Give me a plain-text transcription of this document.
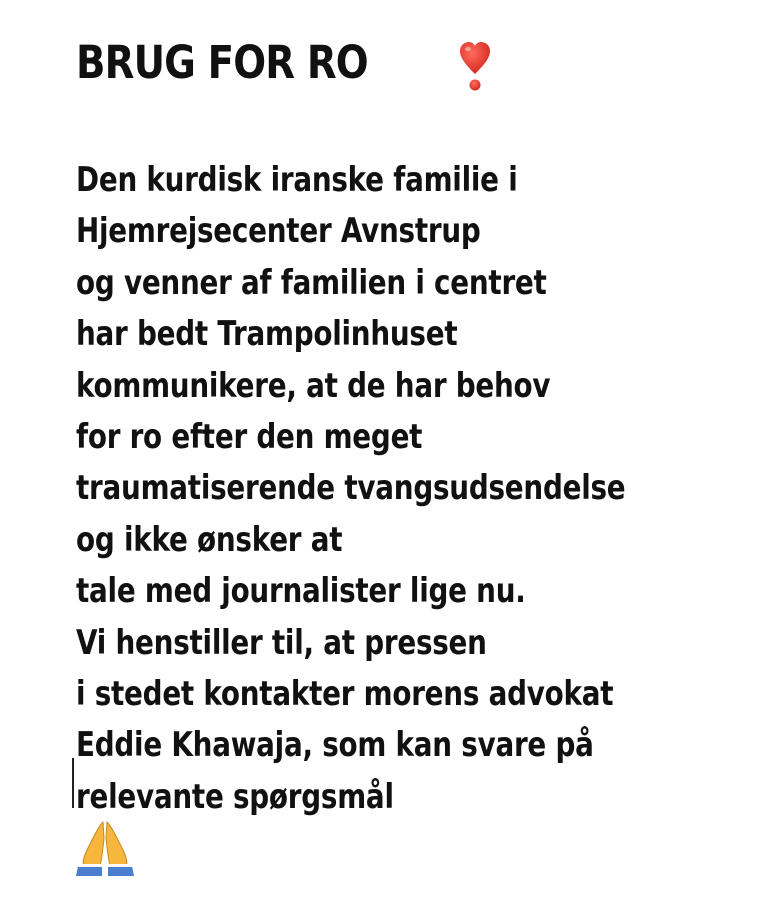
BRUG FOR RO
Den kurdisk iranske familie i
Hjemrejsecenter Avnstrup
og venner af familien i centret
har bedt Trampolinhuset
kommunikere, at de har behov
for ro efter den meget
traumatiserende tvangsudsendelse
og ikke ønsker at
tale med journalister lige nu.
Vi henstiller til, at pressen
i stedet kontakter morens advokat
Eddie Khawaja, som kan svare på
relevante spørgsmål
